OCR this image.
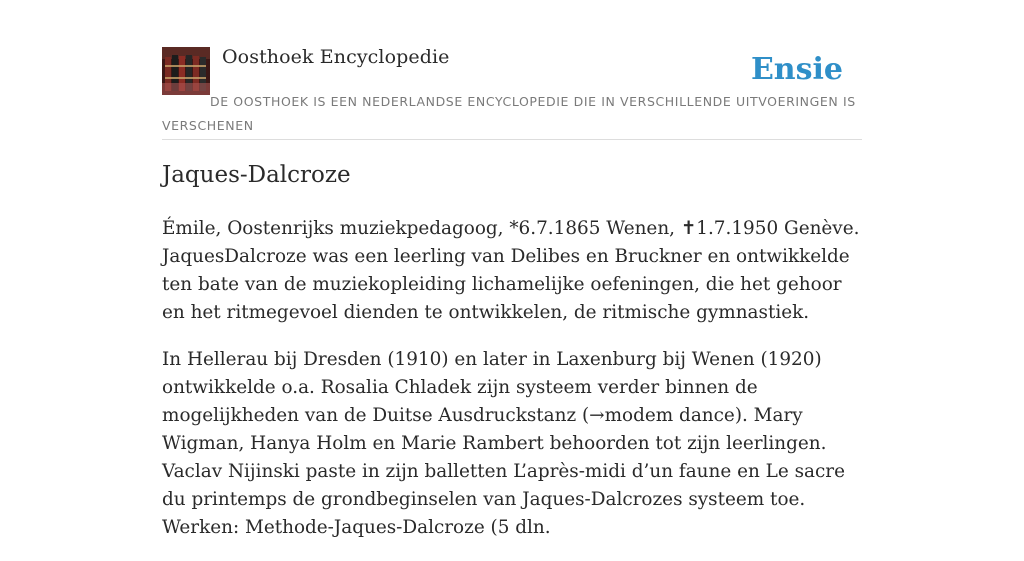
Oosthoek Encyclopedie	Ensie
DE OOSTHOEK IS EEN NEDERLANDSE ENCYCLOPEDIE DIE IN VERSCHILLENDE UITVOERINGEN IS VERSCHENEN
Jaques-Dalcroze

Émile, Oostenrijks muziekpedagoog, *6.7.1865 Wenen, ✝1.7.1950 Genève. JaquesDalcroze was een leerling van Delibes en Bruckner en ontwikkelde ten bate van de muziekopleiding lichamelijke oefeningen, die het gehoor en het ritmegevoel dienden te ontwikkelen, de ritmische gymnastiek.

In Hellerau bij Dresden (1910) en later in Laxenburg bij Wenen (1920) ontwikkelde o.a. Rosalia Chladek zijn systeem verder binnen de mogelijkheden van de Duitse Ausdruckstanz (→modem dance). Mary Wigman, Hanya Holm en Marie Rambert behoorden tot zijn leerlingen. Vaclav Nijinski paste in zijn balletten L’après-midi d’un faune en Le sacre du printemps de grondbeginselen van Jaques-Dalcrozes systeem toe. Werken: Methode-Jaques-Dalcroze (5 dln.
